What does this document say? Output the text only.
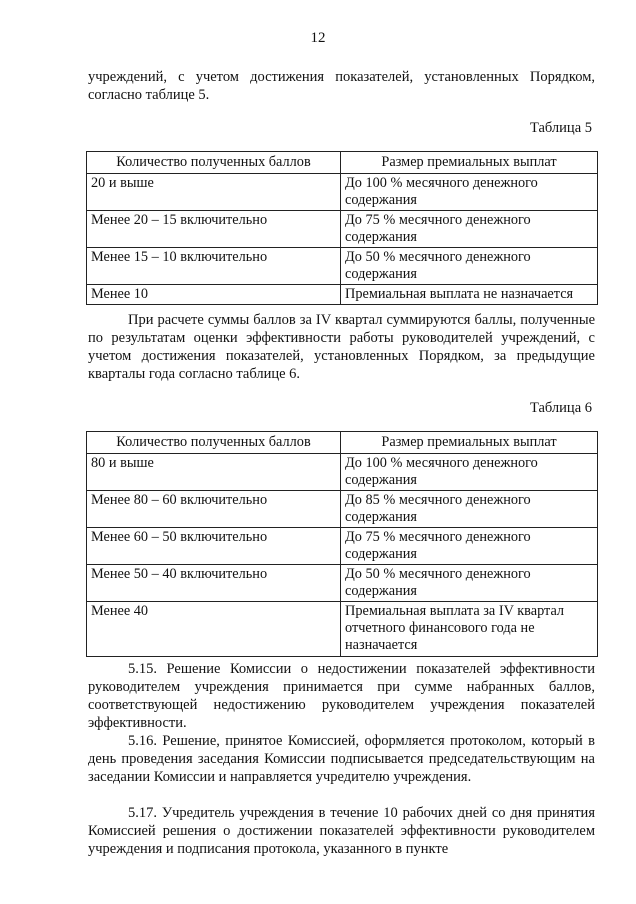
12
учреждений, с учетом достижения показателей, установленных Порядком, согласно таблице 5.
Таблица 5
Количество полученных баллов	Размер премиальных выплат
20 и выше	До 100 % месячного денежного содержания
Менее 20 – 15 включительно	До 75 % месячного денежного содержания
Менее 15 – 10 включительно	До 50 % месячного денежного содержания
Менее 10	Премиальная выплата не назначается
При расчете суммы баллов за IV квартал суммируются баллы, полученные по результатам оценки эффективности работы руководителей учреждений, с учетом достижения показателей, установленных Порядком, за предыдущие кварталы года согласно таблице 6.
Таблица 6
Количество полученных баллов	Размер премиальных выплат
80 и выше	До 100 % месячного денежного содержания
Менее 80 – 60 включительно	До 85 % месячного денежного содержания
Менее 60 – 50 включительно	До 75 % месячного денежного содержания
Менее 50 – 40 включительно	До 50 % месячного денежного содержания
Менее 40	Премиальная выплата за IV квартал отчетного финансового года не назначается
5.15. Решение Комиссии о недостижении показателей эффективности руководителем учреждения принимается при сумме набранных баллов, соответствующей недостижению руководителем учреждения показателей эффективности.
5.16. Решение, принятое Комиссией, оформляется протоколом, который в день проведения заседания Комиссии подписывается председательствующим на заседании Комиссии и направляется учредителю учреждения.
5.17. Учредитель учреждения в течение 10 рабочих дней со дня принятия Комиссией решения о достижении показателей эффективности руководителем учреждения и подписания протокола, указанного в пункте
